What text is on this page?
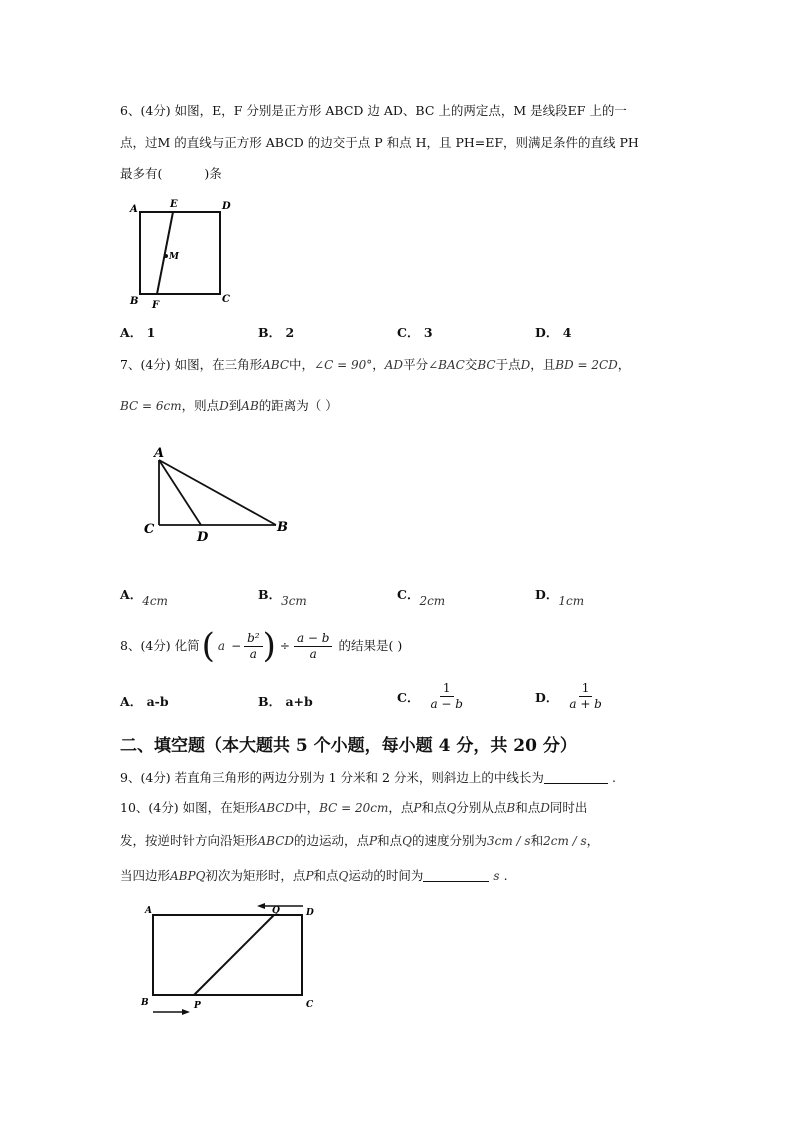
6、(4分) 如图，E，F 分别是正方形 ABCD 边 AD、BC 上的两定点，M 是线段EF 上的一
点，过M 的直线与正方形 ABCD 的边交于点 P 和点 H，且 PH=EF，则满足条件的直线 PH
最多有(	)条
A	E	D
M
B F
C
A． 1	B． 2	C． 3	D． 4
7、(4分) 如图，在三角形ABC中，∠C = 90°，AD平分∠BAC交BC于点D，且BD = 2CD，
BC = 6cm，则点D到AB的距离为（ ）
A
C
D
B
A．4cm	B．3cm	C．2cm	D．1cm
8、(4分) 化简 ( $a - \frac{\text{b²}}{a}$ ) ÷ $\frac{a - b}{a}$ 的结果是( )
A． a-b	B． a+b	C． $\frac{1}{a - b}$	D． $\frac{1}{a + b}$
二、填空题（本大题共 5 个小题，每小题 4 分，共 20 分）
9、(4分) 若直角三角形的两边分别为 1 分米和 2 分米，则斜边上的中线长为	.
10、(4分) 如图，在矩形ABCD中，BC = 20cm，点P和点Q分别从点B和点D同时出
发，按逆时针方向沿矩形ABCD的边运动，点P和点Q的速度分别为3cm / s和2cm / s，
当四边形ABPQ初次为矩形时，点P和点Q运动的时间为	s .
A	Q	D
B	P	C
